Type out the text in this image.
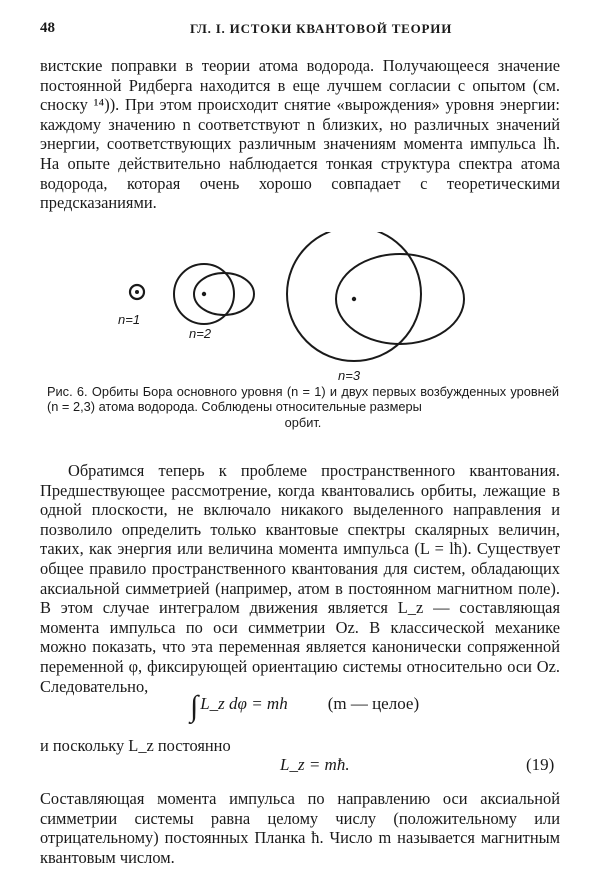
48	ГЛ. I. ИСТОКИ КВАНТОВОЙ ТЕОРИИ

вистские поправки в теории атома водорода. Получающееся значение постоянной Ридберга находится в еще лучшем согласии с опытом (см. сноску ¹⁴)). При этом происходит снятие «вырождения» уровня энергии: каждому значению n соответствуют n близких, но различных значений энергии, соответствующих различным значениям момента импульса lħ. На опыте действительно наблюдается тонкая структура спектра атома водорода, которая очень хорошо совпадает с теоретическими предсказаниями.

n=1
n=2
n=3

Рис. 6. Орбиты Бора основного уровня (n = 1) и двух первых возбужденных уровней (n = 2,3) атома водорода. Соблюдены относительные размеры
орбит.

Обратимся теперь к проблеме пространственного квантования. Предшествующее рассмотрение, когда квантовались орбиты, лежащие в одной плоскости, не включало никакого выделенного направления и позволило определить только квантовые спектры скалярных величин, таких, как энергия или величина момента импульса (L = lħ). Существует общее правило пространственного квантования для систем, обладающих аксиальной симметрией (например, атом в постоянном магнитном поле). В этом случае интегралом движения является L_z — составляющая момента импульса по оси симметрии Oz. В классической механике можно показать, что эта переменная является канонически сопряженной переменной φ, фиксирующей ориентацию системы относительно оси Oz. Следовательно,

∫ L_z dφ = mh (m — целое)
и поскольку L_z постоянно
L_z = mħ.	(19)

Составляющая момента импульса по направлению оси аксиальной симметрии системы равна целому числу (положительному или отрицательному) постоянных Планка ħ. Число m называется магнитным квантовым числом.
